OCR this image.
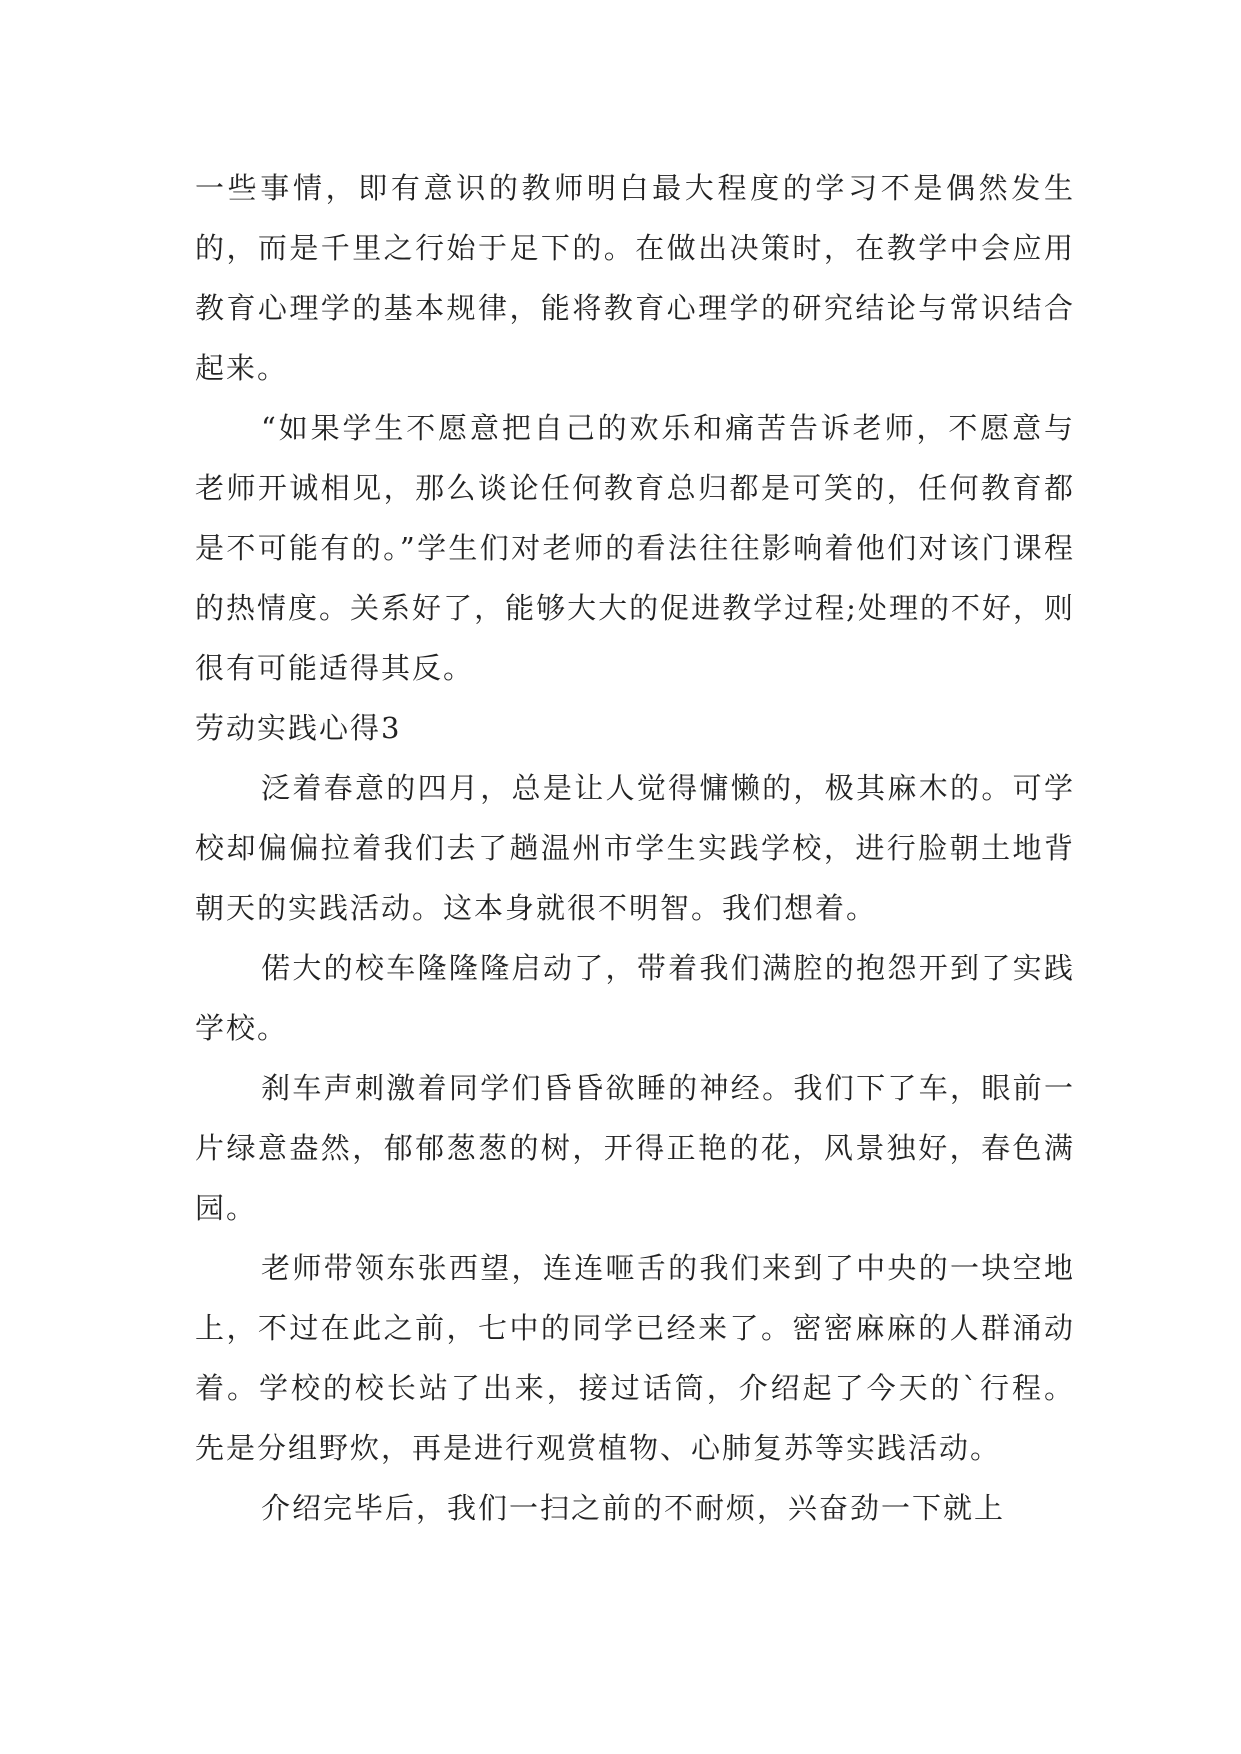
一些事情，即有意识的教师明白最大程度的学习不是偶然发生的，而是千里之行始于足下的。在做出决策时，在教学中会应用教育心理学的基本规律，能将教育心理学的研究结论与常识结合起来。

“如果学生不愿意把自己的欢乐和痛苦告诉老师，不愿意与老师开诚相见，那么谈论任何教育总归都是可笑的，任何教育都是不可能有的。”学生们对老师的看法往往影响着他们对该门课程的热情度。关系好了，能够大大的促进教学过程;处理的不好，则很有可能适得其反。

劳动实践心得3

泛着春意的四月，总是让人觉得慵懒的，极其麻木的。可学校却偏偏拉着我们去了趟温州市学生实践学校，进行脸朝土地背朝天的实践活动。这本身就很不明智。我们想着。

偌大的校车隆隆隆启动了，带着我们满腔的抱怨开到了实践学校。

刹车声刺激着同学们昏昏欲睡的神经。我们下了车，眼前一片绿意盎然，郁郁葱葱的树，开得正艳的花，风景独好，春色满园。

老师带领东张西望，连连咂舌的我们来到了中央的一块空地上，不过在此之前，七中的同学已经来了。密密麻麻的人群涌动着。学校的校长站了出来，接过话筒，介绍起了今天的`行程。先是分组野炊，再是进行观赏植物、心肺复苏等实践活动。

介绍完毕后，我们一扫之前的不耐烦，兴奋劲一下就上
